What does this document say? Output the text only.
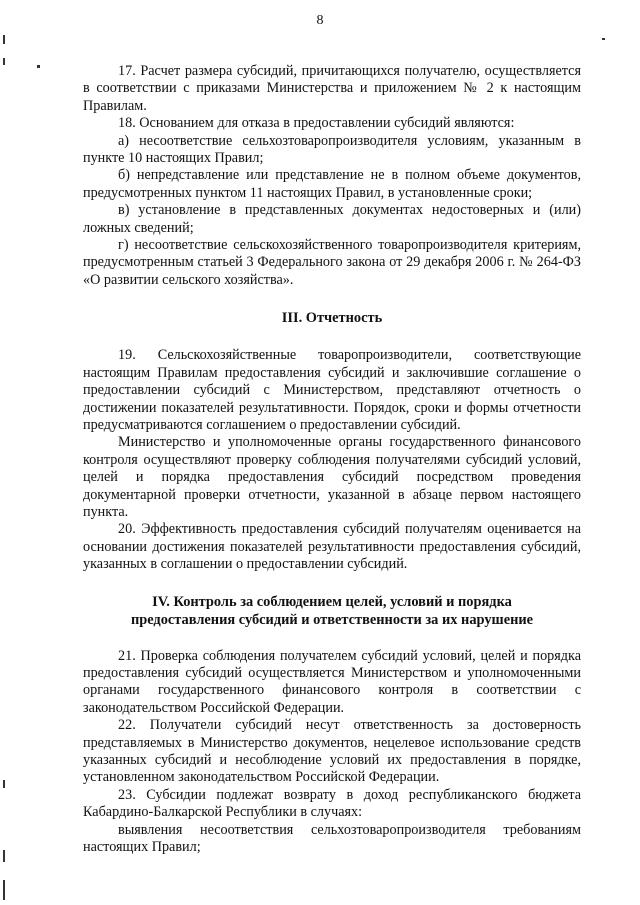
8

17. Расчет размера субсидий, причитающихся получателю, осуществляется в соответствии с приказами Министерства и приложением № 2 к настоящим Правилам.

18. Основанием для отказа в предоставлении субсидий являются:

а) несоответствие сельхозтоваропроизводителя условиям, указанным в пункте 10 настоящих Правил;

б) непредставление или представление не в полном объеме документов, предусмотренных пунктом 11 настоящих Правил, в установленные сроки;

в) установление в представленных документах недостоверных и (или) ложных сведений;

г) несоответствие сельскохозяйственного товаропроизводителя критериям, предусмотренным статьей 3 Федерального закона от 29 декабря 2006 г. № 264-ФЗ «О развитии сельского хозяйства».

III. Отчетность

19. Сельскохозяйственные товаропроизводители, соответствующие настоящим Правилам предоставления субсидий и заключившие соглашение о предоставлении субсидий с Министерством, представляют отчетность о достижении показателей результативности. Порядок, сроки и формы отчетности предусматриваются соглашением о предоставлении субсидий.

Министерство и уполномоченные органы государственного финансового контроля осуществляют проверку соблюдения получателями субсидий условий, целей и порядка предоставления субсидий посредством проведения документарной проверки отчетности, указанной в абзаце первом настоящего пункта.

20. Эффективность предоставления субсидий получателям оценивается на основании достижения показателей результативности предоставления субсидий, указанных в соглашении о предоставлении субсидий.

IV. Контроль за соблюдением целей, условий и порядка
предоставления субсидий и ответственности за их нарушение

21. Проверка соблюдения получателем субсидий условий, целей и порядка предоставления субсидий осуществляется Министерством и уполномоченными органами государственного финансового контроля в соответствии с законодательством Российской Федерации.

22. Получатели субсидий несут ответственность за достоверность представляемых в Министерство документов, нецелевое использование средств указанных субсидий и несоблюдение условий их предоставления в порядке, установленном законодательством Российской Федерации.

23. Субсидии подлежат возврату в доход республиканского бюджета Кабардино-Балкарской Республики в случаях:

выявления несоответствия сельхозтоваропроизводителя требованиям настоящих Правил;
